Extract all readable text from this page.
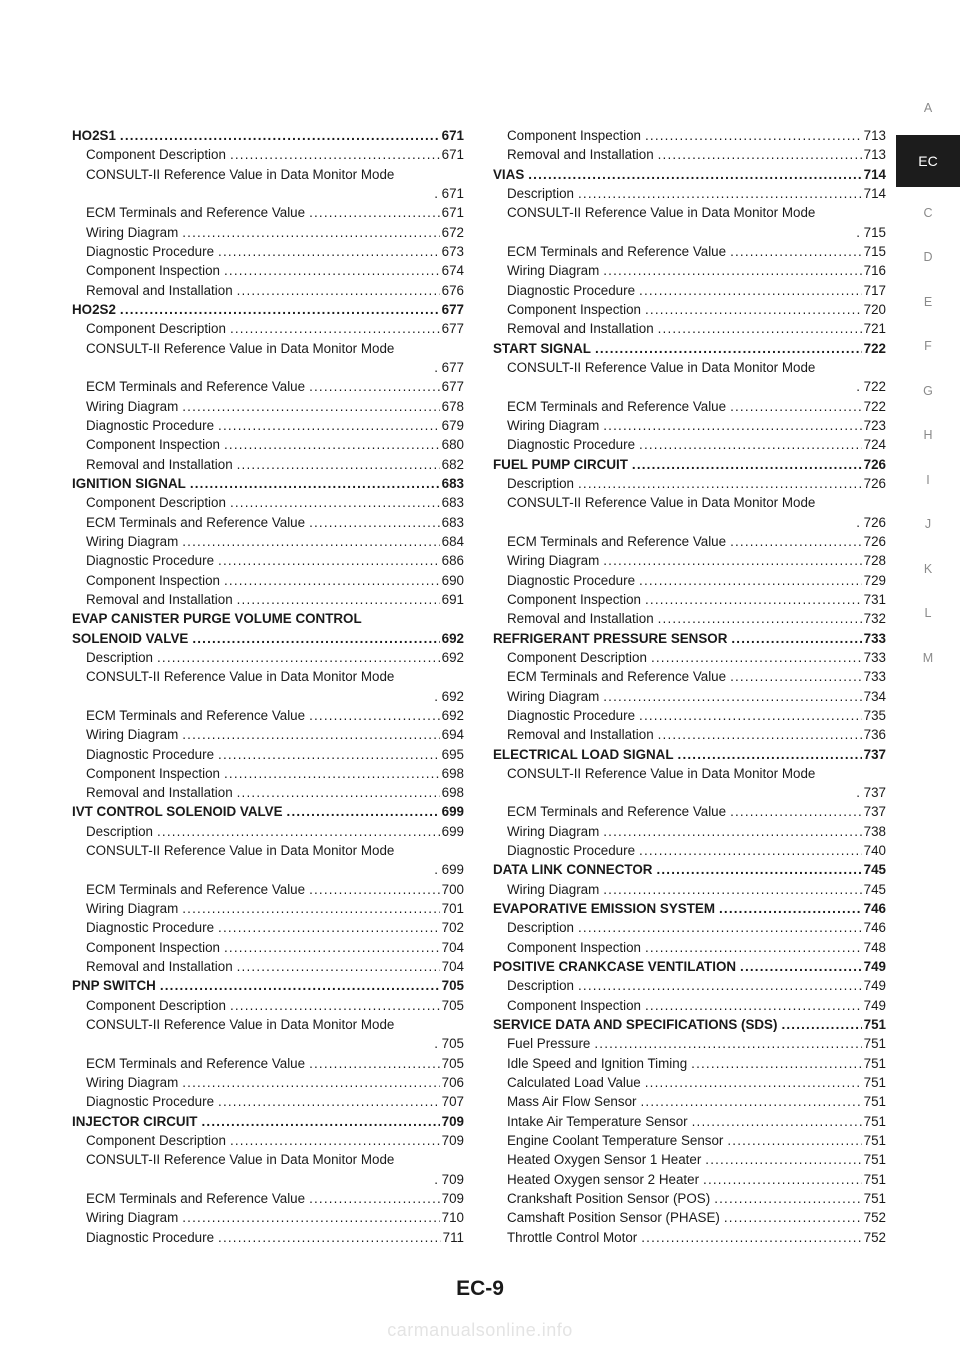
HO2S1 .....	671
Component Description .....	671
CONSULT-II Reference Value in Data Monitor Mode
. 671
ECM Terminals and Reference Value .....	671
Wiring Diagram .....	672
Diagnostic Procedure .....	673
Component Inspection .....	674
Removal and Installation .....	676
HO2S2 .....	677
Component Description .....	677
CONSULT-II Reference Value in Data Monitor Mode
. 677
ECM Terminals and Reference Value .....	677
Wiring Diagram .....	678
Diagnostic Procedure .....	679
Component Inspection .....	680
Removal and Installation .....	682
IGNITION SIGNAL .....	683
Component Description .....	683
ECM Terminals and Reference Value .....	683
Wiring Diagram .....	684
Diagnostic Procedure .....	686
Component Inspection .....	690
Removal and Installation .....	691
EVAP CANISTER PURGE VOLUME CONTROL
SOLENOID VALVE .....	692
Description .....	692
CONSULT-II Reference Value in Data Monitor Mode
. 692
ECM Terminals and Reference Value .....	692
Wiring Diagram .....	694
Diagnostic Procedure .....	695
Component Inspection .....	698
Removal and Installation .....	698
IVT CONTROL SOLENOID VALVE .....	699
Description .....	699
CONSULT-II Reference Value in Data Monitor Mode
. 699
ECM Terminals and Reference Value .....	700
Wiring Diagram .....	701
Diagnostic Procedure .....	702
Component Inspection .....	704
Removal and Installation .....	704
PNP SWITCH .....	705
Component Description .....	705
CONSULT-II Reference Value in Data Monitor Mode
. 705
ECM Terminals and Reference Value .....	705
Wiring Diagram .....	706
Diagnostic Procedure .....	707
INJECTOR CIRCUIT .....	709
Component Description .....	709
CONSULT-II Reference Value in Data Monitor Mode
. 709
ECM Terminals and Reference Value .....	709
Wiring Diagram .....	710
Diagnostic Procedure .....	711
Component Inspection .....	713
Removal and Installation .....	713
VIAS .....	714
Description .....	714
CONSULT-II Reference Value in Data Monitor Mode
. 715
ECM Terminals and Reference Value .....	715
Wiring Diagram .....	716
Diagnostic Procedure .....	717
Component Inspection .....	720
Removal and Installation .....	721
START SIGNAL .....	722
CONSULT-II Reference Value in Data Monitor Mode
. 722
ECM Terminals and Reference Value .....	722
Wiring Diagram .....	723
Diagnostic Procedure .....	724
FUEL PUMP CIRCUIT .....	726
Description .....	726
CONSULT-II Reference Value in Data Monitor Mode
. 726
ECM Terminals and Reference Value .....	726
Wiring Diagram .....	728
Diagnostic Procedure .....	729
Component Inspection .....	731
Removal and Installation .....	732
REFRIGERANT PRESSURE SENSOR .....	733
Component Description .....	733
ECM Terminals and Reference Value .....	733
Wiring Diagram .....	734
Diagnostic Procedure .....	735
Removal and Installation .....	736
ELECTRICAL LOAD SIGNAL .....	737
CONSULT-II Reference Value in Data Monitor Mode
. 737
ECM Terminals and Reference Value .....	737
Wiring Diagram .....	738
Diagnostic Procedure .....	740
DATA LINK CONNECTOR .....	745
Wiring Diagram .....	745
EVAPORATIVE EMISSION SYSTEM .....	746
Description .....	746
Component Inspection .....	748
POSITIVE CRANKCASE VENTILATION .....	749
Description .....	749
Component Inspection .....	749
SERVICE DATA AND SPECIFICATIONS (SDS) .....	751
Fuel Pressure .....	751
Idle Speed and Ignition Timing .....	751
Calculated Load Value .....	751
Mass Air Flow Sensor .....	751
Intake Air Temperature Sensor .....	751
Engine Coolant Temperature Sensor .....	751
Heated Oxygen Sensor 1 Heater .....	751
Heated Oxygen sensor 2 Heater .....	751
Crankshaft Position Sensor (POS) .....	751
Camshaft Position Sensor (PHASE) .....	752
Throttle Control Motor .....	752
A
EC
C
D
E
F
G
H
I
J
K
L
M
EC-9
carmanualsonline.info
